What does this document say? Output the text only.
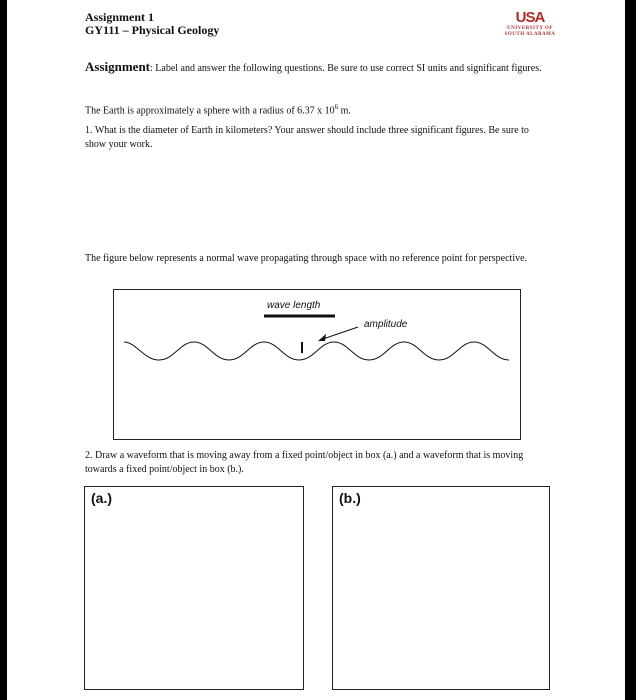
Assignment 1
GY111 – Physical Geology
USA
UNIVERSITY OF
SOUTH ALABAMA
Assignment: Label and answer the following questions. Be sure to use correct SI units and significant figures.
The Earth is approximately a sphere with a radius of 6.37 x $10^6$ m.
1. What is the diameter of Earth in kilometers? Your answer should include three significant figures. Be sure to show your work.
The figure below represents a normal wave propagating through space with no reference point for perspective.
wave length
amplitude
2. Draw a waveform that is moving away from a fixed point/object in box (a.) and a waveform that is moving towards a fixed point/object in box (b.).
(a.)	(b.)
